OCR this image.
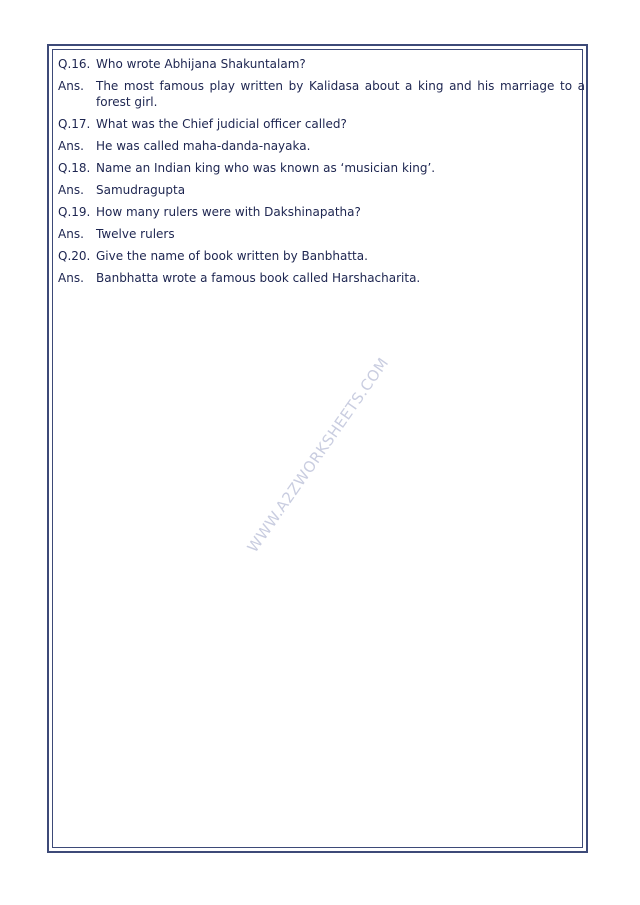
Q.16. Who wrote Abhijana Shakuntalam?
Ans.	The most famous play written by Kalidasa about a king and his marriage to a forest girl.
Q.17. What was the Chief judicial officer called?
Ans.	He was called maha-danda-nayaka.
Q.18. Name an Indian king who was known as ‘musician king’.
Ans.	Samudragupta
Q.19. How many rulers were with Dakshinapatha?
Ans.	Twelve rulers
Q.20. Give the name of book written by Banbhatta.
Ans.	Banbhatta wrote a famous book called Harshacharita.
WWW.A2ZWORKSHEETS.COM
